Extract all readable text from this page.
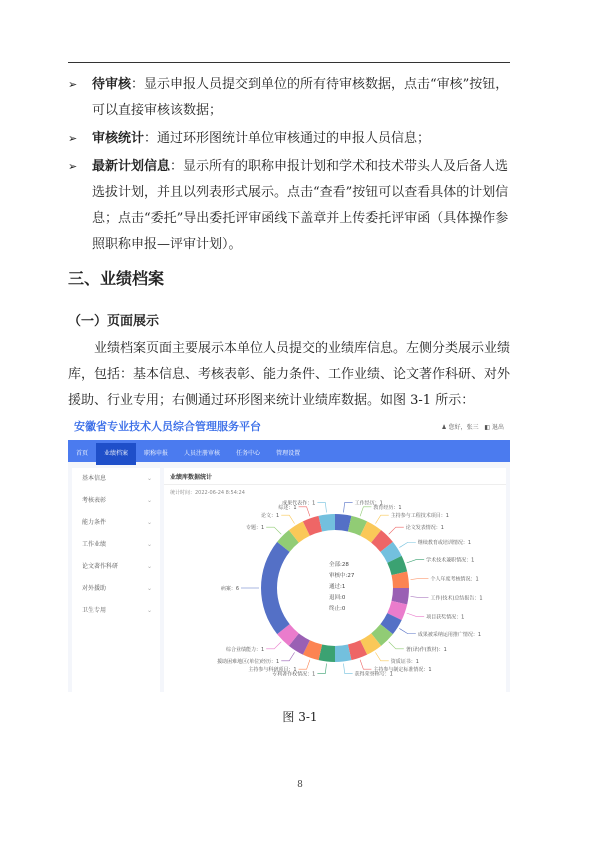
➢ 待审核：显示申报人员提交到单位的所有待审核数据，点击“审核”按钮，可以直接审核该数据；
➢ 审核统计：通过环形图统计单位审核通过的申报人员信息；
➢ 最新计划信息：显示所有的职称申报计划和学术和技术带头人及后备人选选拔计划，并且以列表形式展示。点击“查看”按钮可以查看具体的计划信息；点击“委托”导出委托评审函线下盖章并上传委托评审函（具体操作参照职称申报—评审计划）。
三、业绩档案
（一）页面展示
业绩档案页面主要展示本单位人员提交的业绩库信息。左侧分类展示业绩库，包括：基本信息、考核表彰、能力条件、工作业绩、论文著作科研、对外援助、行业专用；右侧通过环形图来统计业绩库数据。如图 3-1 所示：
安徽省专业技术人员综合管理服务平台	♟ 您好，张三 ◧ 退出
首页	业绩档案	职称申报	人员注册审核	任务中心	管理设置
基本信息	⌄
考核表彰	⌄
能力条件	⌄
工作业绩	⌄
论文著作科研	⌄
对外援助	⌄
卫生专用	⌄
业绩库数据统计
统计时间：2022-06-24 8:54:24
工作经历：1
教育经历：1
主持参与工程技术项目：1
论文发表情况：1
继续教育或培训情况：1
学术技术兼职情况：1
个人年度考核情况：1
工作(技术)总结报告：1
项目获奖情况：1
成果被采纳运用推广情况：1
著(译)作(教材)：1
资质证书：1
主持参与制定标准情况：1
获得荣誉称号：1
专利著作权情况：1
主持参与科研项目：1
援助困难地区(单位)经历：1
综合业绩能力：1
病案：6
专题：1
论文：1
综述：1
成果代表作：1
全部:28
审核中:27
通过:1
退回:0
终止:0
图 3-1
8
